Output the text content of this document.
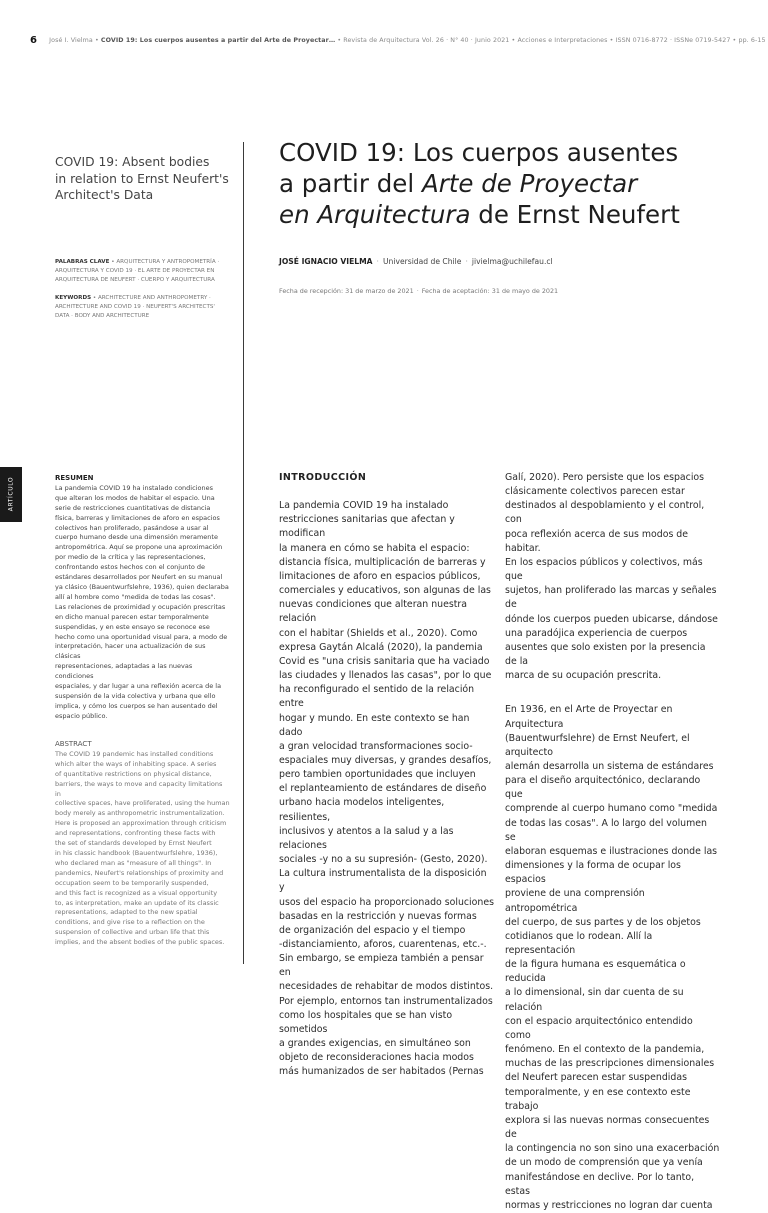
6 José I. Vielma • COVID 19: Los cuerpos ausentes a partir del Arte de Proyectar… • Revista de Arquitectura Vol. 26 · N° 40 · Junio 2021 • Acciones e Interpretaciones • ISSN 0716-8772 · ISSNe 0719-5427 • pp. 6-15
ARTÍCULO
COVID 19: Absent bodies
in relation to Ernst Neufert's
Architect's Data
PALABRAS CLAVE • ARQUITECTURA Y ANTROPOMETRÍA ·
ARQUITECTURA Y COVID 19 · EL ARTE DE PROYECTAR EN
ARQUITECTURA DE NEUFERT · CUERPO Y ARQUITECTURA
KEYWORDS • ARCHITECTURE AND ANTHROPOMETRY ·
ARCHITECTURE AND COVID 19 · NEUFERT'S ARCHITECTS'
DATA · BODY AND ARCHITECTURE
RESUMEN
La pandemia COVID 19 ha instalado condiciones
que alteran los modos de habitar el espacio. Una
serie de restricciones cuantitativas de distancia
física, barreras y limitaciones de aforo en espacios
colectivos han proliferado, pasándose a usar al
cuerpo humano desde una dimensión meramente
antropométrica. Aquí se propone una aproximación
por medio de la crítica y las representaciones,
confrontando estos hechos con el conjunto de
estándares desarrollados por Neufert en su manual
ya clásico (Bauentwurfslehre, 1936), quien declaraba
allí al hombre como "medida de todas las cosas".
Las relaciones de proximidad y ocupación prescritas
en dicho manual parecen estar temporalmente
suspendidas, y en este ensayo se reconoce ese
hecho como una oportunidad visual para, a modo de
interpretación, hacer una actualización de sus clásicas
representaciones, adaptadas a las nuevas condiciones
espaciales, y dar lugar a una reflexión acerca de la
suspensión de la vida colectiva y urbana que ello
implica, y cómo los cuerpos se han ausentado del
espacio público.
ABSTRACT
The COVID 19 pandemic has installed conditions
which alter the ways of inhabiting space. A series
of quantitative restrictions on physical distance,
barriers, the ways to move and capacity limitations in
collective spaces, have proliferated, using the human
body merely as anthropometric instrumentalization.
Here is proposed an approximation through criticism
and representations, confronting these facts with
the set of standards developed by Ernst Neufert
in his classic handbook (Bauentwurfslehre, 1936),
who declared man as "measure of all things". In
pandemics, Neufert's relationships of proximity and
occupation seem to be temporarily suspended,
and this fact is recognized as a visual opportunity
to, as interpretation, make an update of its classic
representations, adapted to the new spatial
conditions, and give rise to a reflection on the
suspension of collective and urban life that this
implies, and the absent bodies of the public spaces.
COVID 19: Los cuerpos ausentes
a partir del Arte de Proyectar
en Arquitectura de Ernst Neufert
JOSÉ IGNACIO VIELMA · Universidad de Chile · jivielma@uchilefau.cl
Fecha de recepción: 31 de marzo de 2021 · Fecha de aceptación: 31 de mayo de 2021

INTRODUCCIÓN

La pandemia COVID 19 ha instalado

restricciones sanitarias que afectan y modifican

la manera en cómo se habita el espacio:

distancia física, multiplicación de barreras y

limitaciones de aforo en espacios públicos,

comerciales y educativos, son algunas de las

nuevas condiciones que alteran nuestra relación

con el habitar (Shields et al., 2020). Como

expresa Gaytán Alcalá (2020), la pandemia

Covid es "una crisis sanitaria que ha vaciado

las ciudades y llenados las casas", por lo que

ha reconfigurado el sentido de la relación entre

hogar y mundo. En este contexto se han dado

a gran velocidad transformaciones socio-

espaciales muy diversas, y grandes desafíos,

pero tambien oportunidades que incluyen

el replanteamiento de estándares de diseño

urbano hacia modelos inteligentes, resilientes,

inclusivos y atentos a la salud y a las relaciones

sociales -y no a su supresión- (Gesto, 2020).

La cultura instrumentalista de la disposición y

usos del espacio ha proporcionado soluciones

basadas en la restricción y nuevas formas

de organización del espacio y el tiempo

-distanciamiento, aforos, cuarentenas, etc.-.

Sin embargo, se empieza también a pensar en

necesidades de rehabitar de modos distintos.

Por ejemplo, entornos tan instrumentalizados

como los hospitales que se han visto sometidos

a grandes exigencias, en simultáneo son

objeto de reconsideraciones hacia modos

más humanizados de ser habitados (Pernas

Galí, 2020). Pero persiste que los espacios

clásicamente colectivos parecen estar

destinados al despoblamiento y el control, con

poca reflexión acerca de sus modos de habitar.

En los espacios públicos y colectivos, más que

sujetos, han proliferado las marcas y señales de

dónde los cuerpos pueden ubicarse, dándose

una paradójica experiencia de cuerpos

ausentes que solo existen por la presencia de la

marca de su ocupación prescrita.

En 1936, en el Arte de Proyectar en Arquitectura

(Bauentwurfslehre) de Ernst Neufert, el arquitecto

alemán desarrolla un sistema de estándares

para el diseño arquitectónico, declarando que

comprende al cuerpo humano como "medida

de todas las cosas". A lo largo del volumen se

elaboran esquemas e ilustraciones donde las

dimensiones y la forma de ocupar los espacios

proviene de una comprensión antropométrica

del cuerpo, de sus partes y de los objetos

cotidianos que lo rodean. Allí la representación

de la figura humana es esquemática o reducida

a lo dimensional, sin dar cuenta de su relación

con el espacio arquitectónico entendido como

fenómeno. En el contexto de la pandemia,

muchas de las prescripciones dimensionales

del Neufert parecen estar suspendidas

temporalmente, y en ese contexto este trabajo

explora si las nuevas normas consecuentes de

la contingencia no son sino una exacerbación

de un modo de comprensión que ya venía

manifestándose en declive. Por lo tanto, estas

normas y restricciones no logran dar cuenta
